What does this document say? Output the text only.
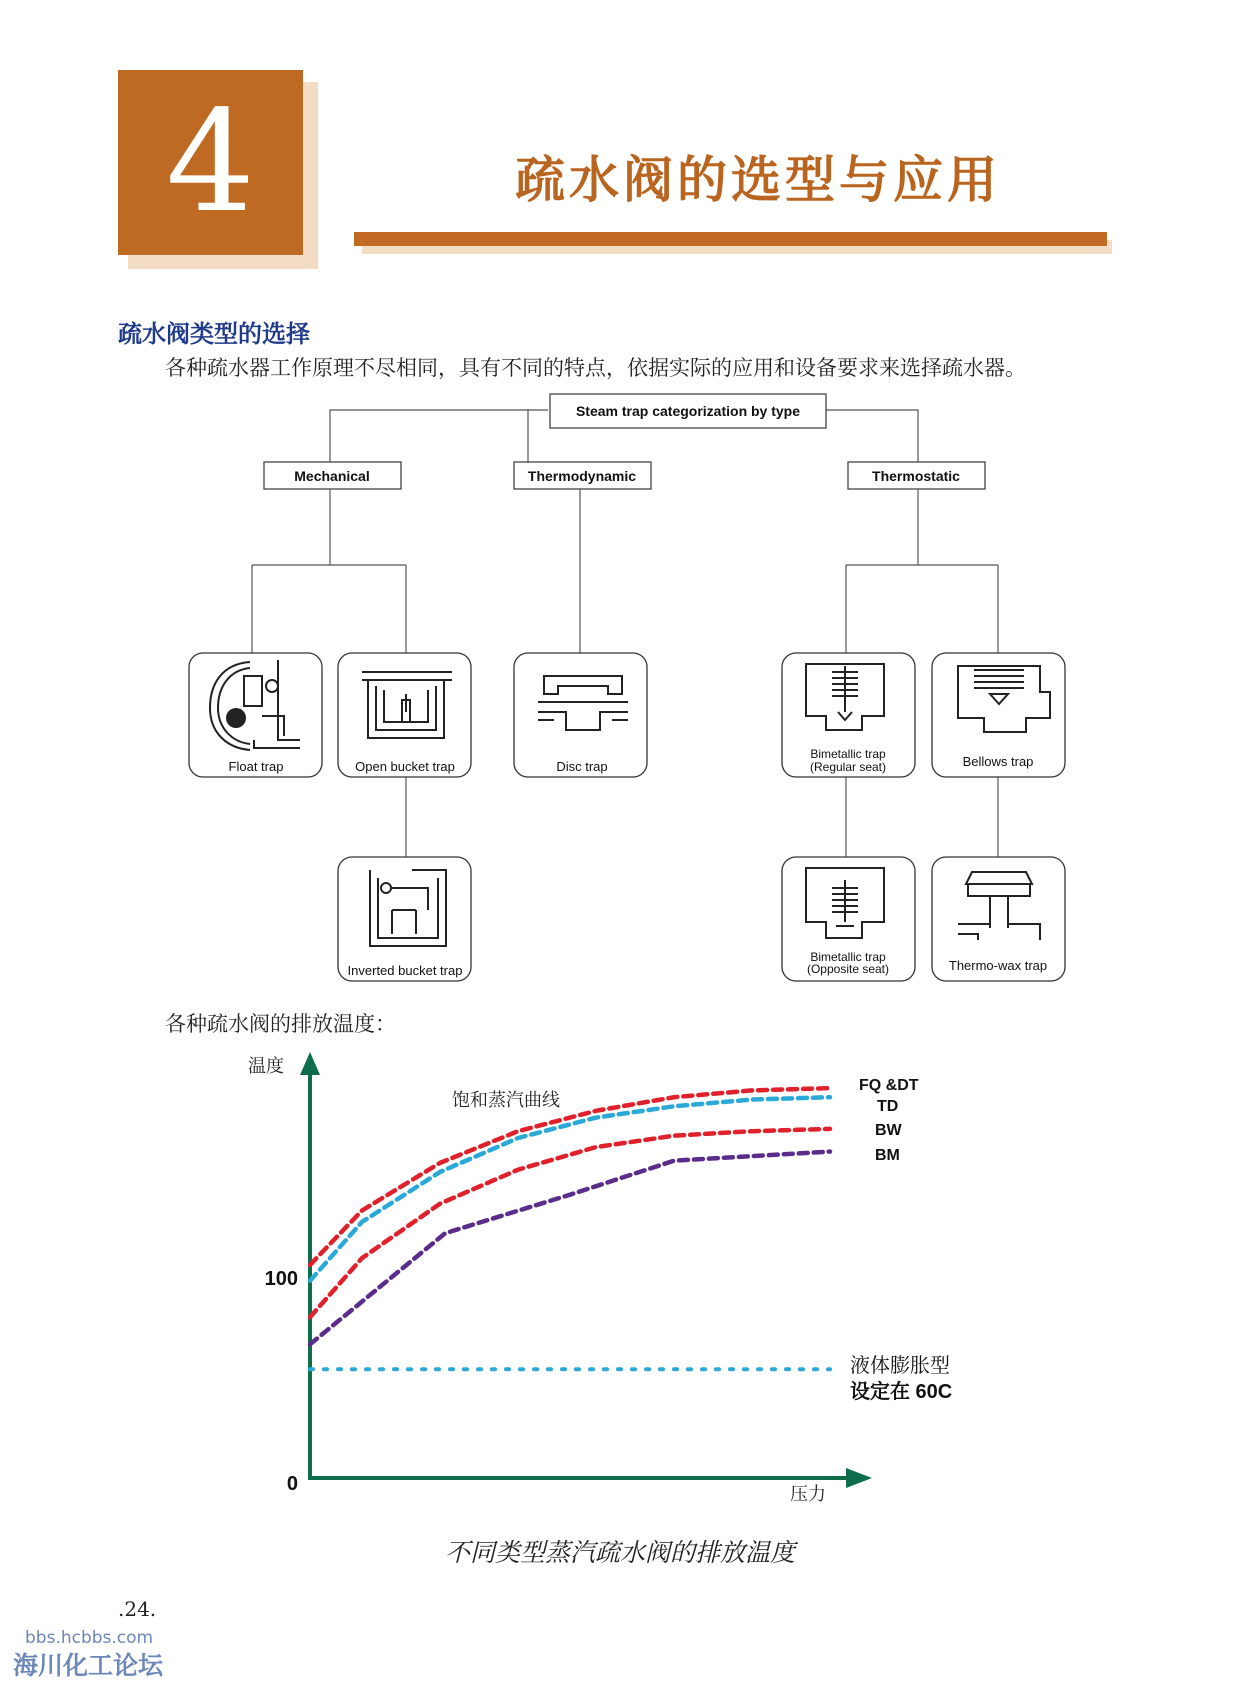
4	疏水阀的选型与应用
疏水阀类型的选择
各种疏水器工作原理不尽相同，具有不同的特点，依据实际的应用和设备要求来选择疏水器。
Steam trap categorization by type
Mechanical	Thermodynamic	Thermostatic
Float trap	Open bucket trap
Inverted bucket trap
Disc trap
Bimetallic trap
(Regular seat)	Bellows trap
Bimetallic trap
(Opposite seat)	Thermo-wax trap
各种疏水阀的排放温度：
温度
压力
100
0
饱和蒸汽曲线
FQ &DT
TD
BW
BM
液体膨胀型
设定在 60C
不同类型蒸汽疏水阀的排放温度
.24.
bbs.hcbbs.com
海川化工论坛
